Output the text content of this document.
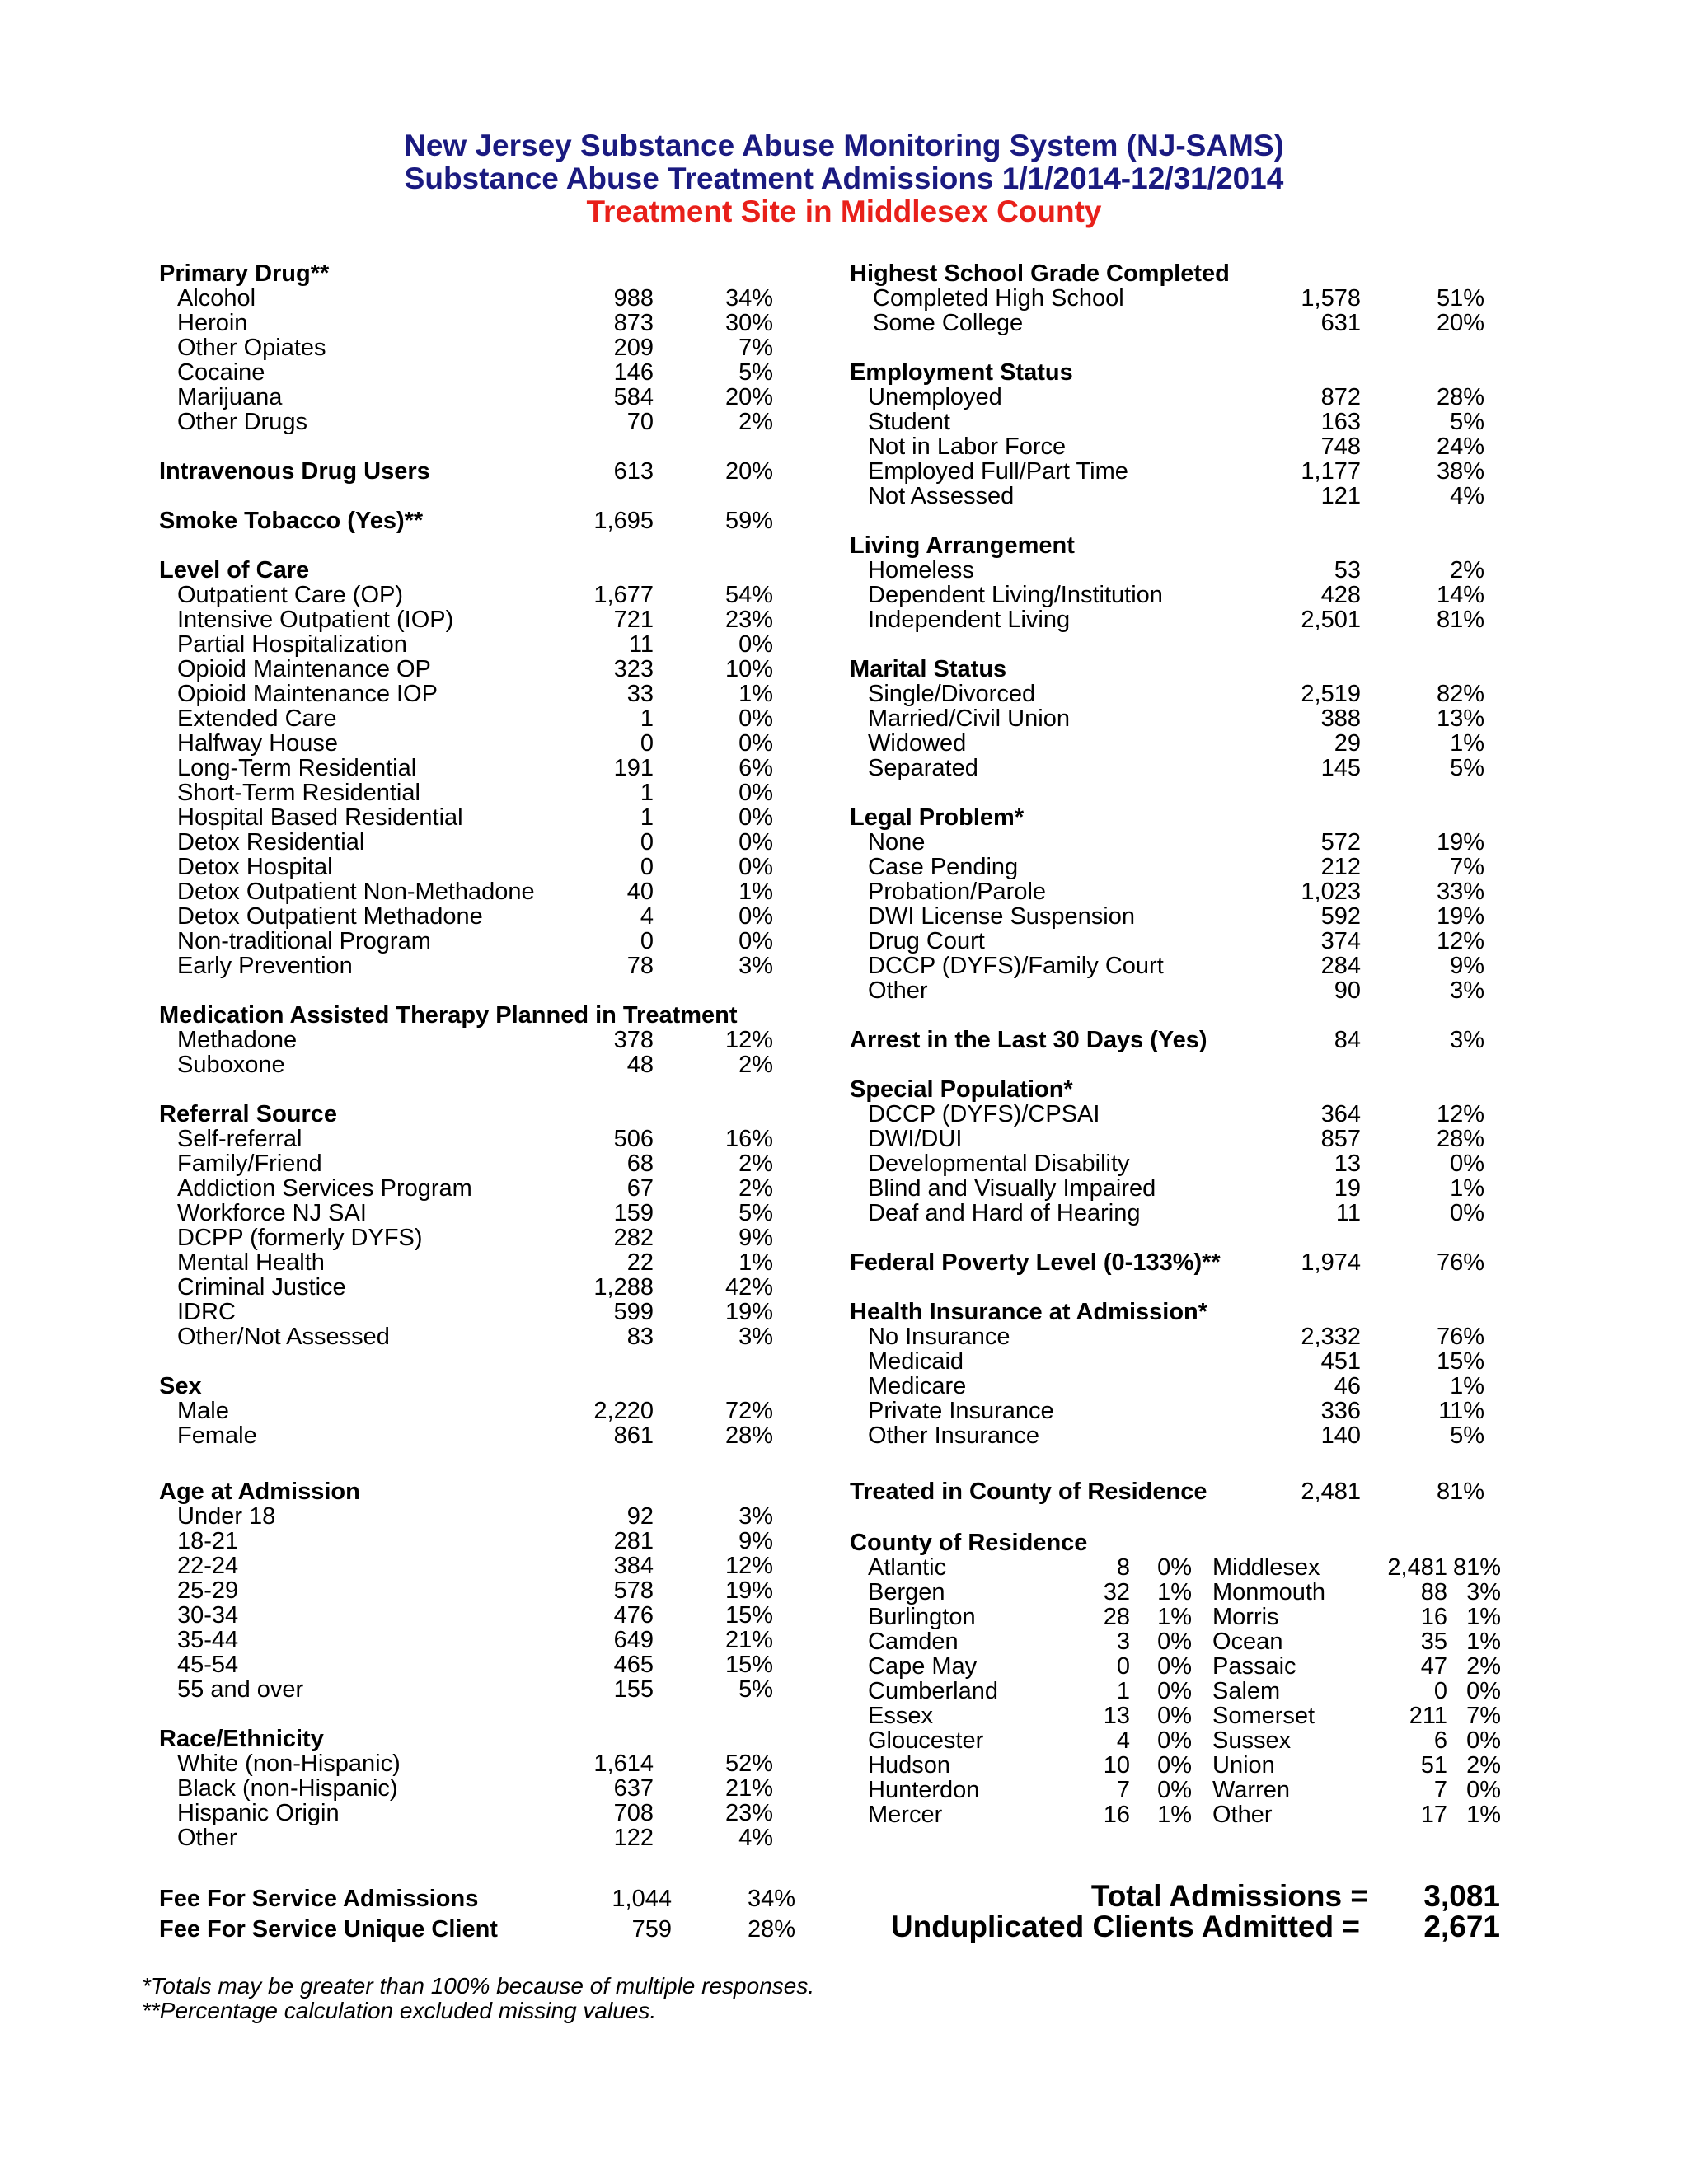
New Jersey Substance Abuse Monitoring System (NJ-SAMS)
Substance Abuse Treatment Admissions 1/1/2014-12/31/2014
Treatment Site in Middlesex County
Primary Drug**
Alcohol	988	34%
Heroin	873	30%
Other Opiates	209	7%
Cocaine	146	5%
Marijuana	584	20%
Other Drugs	70	2%
Intravenous Drug Users	613	20%
Smoke Tobacco (Yes)**	1,695	59%
Level of Care
Outpatient Care (OP)	1,677	54%
Intensive Outpatient (IOP)	721	23%
Partial Hospitalization	11	0%
Opioid Maintenance OP	323	10%
Opioid Maintenance IOP	33	1%
Extended Care	1	0%
Halfway House	0	0%
Long-Term Residential	191	6%
Short-Term Residential	1	0%
Hospital Based Residential	1	0%
Detox Residential	0	0%
Detox Hospital	0	0%
Detox Outpatient Non-Methadone	40	1%
Detox Outpatient Methadone	4	0%
Non-traditional Program	0	0%
Early Prevention	78	3%
Medication Assisted Therapy Planned in Treatment
Methadone	378	12%
Suboxone	48	2%
Referral Source
Self-referral	506	16%
Family/Friend	68	2%
Addiction Services Program	67	2%
Workforce NJ SAI	159	5%
DCPP (formerly DYFS)	282	9%
Mental Health	22	1%
Criminal Justice	1,288	42%
IDRC	599	19%
Other/Not Assessed	83	3%
Sex
Male	2,220	72%
Female	861	28%
Age at Admission
Under 18	92	3%
18-21	281	9%
22-24	384	12%
25-29	578	19%
30-34	476	15%
35-44	649	21%
45-54	465	15%
55 and over	155	5%
Race/Ethnicity
White (non-Hispanic)	1,614	52%
Black (non-Hispanic)	637	21%
Hispanic Origin	708	23%
Other	122	4%
Highest School Grade Completed
Completed High School	1,578	51%
Some College	631	20%
Employment Status
Unemployed	872	28%
Student	163	5%
Not in Labor Force	748	24%
Employed Full/Part Time	1,177	38%
Not Assessed	121	4%
Living Arrangement
Homeless	53	2%
Dependent Living/Institution	428	14%
Independent Living	2,501	81%
Marital Status
Single/Divorced	2,519	82%
Married/Civil Union	388	13%
Widowed	29	1%
Separated	145	5%
Legal Problem*
None	572	19%
Case Pending	212	7%
Probation/Parole	1,023	33%
DWI License Suspension	592	19%
Drug Court	374	12%
DCCP (DYFS)/Family Court	284	9%
Other	90	3%
Arrest in the Last 30 Days (Yes)	84	3%
Special Population*
DCCP (DYFS)/CPSAI	364	12%
DWI/DUI	857	28%
Developmental Disability	13	0%
Blind and Visually Impaired	19	1%
Deaf and Hard of Hearing	11	0%
Federal Poverty Level (0-133%)**	1,974	76%
Health Insurance at Admission*
No Insurance	2,332	76%
Medicaid	451	15%
Medicare	46	1%
Private Insurance	336	11%
Other Insurance	140	5%
Treated in County of Residence	2,481	81%
County of Residence
Atlantic	8	0% Middlesex	2,481 81%
Bergen	32	1% Monmouth	88 3%
Burlington	28	1% Morris	16 1%
Camden	3	0% Ocean	35 1%
Cape May	0	0% Passaic	47 2%
Cumberland	1	0% Salem	0 0%
Essex	13	0% Somerset	211 7%
Gloucester	4	0% Sussex	6 0%
Hudson	10	0% Union	51 2%
Hunterdon	7	0% Warren	7 0%
Mercer	16	1% Other	17 1%
Fee For Service Admissions	1,044	34%
Fee For Service Unique Client	759	28%
Total Admissions =	3,081
Unduplicated Clients Admitted =	2,671
*Totals may be greater than 100% because of multiple responses.
**Percentage calculation excluded missing values.
